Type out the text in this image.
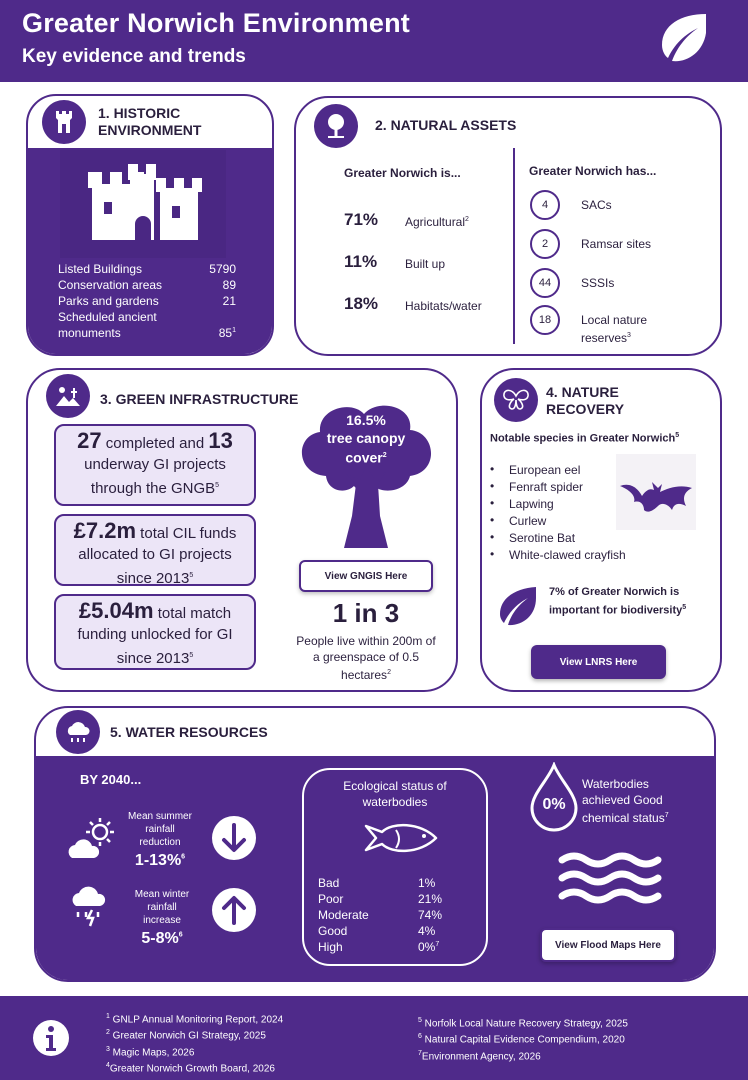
Greater Norwich Environment
Key evidence and trends
1. HISTORIC
ENVIRONMENT
Listed Buildings	5790
Conservation areas	89
Parks and gardens	21
Scheduled ancient
monuments	$85^1$
2. NATURAL ASSETS
Greater Norwich is...	Greater Norwich has...
71% Agricultural$^2$
11% Built up
18% Habitats/water
4	SACs
2	Ramsar sites
44	SSSIs
18	Local nature
reserves$^3$
3. GREEN INFRASTRUCTURE
27 completed and 13
underway GI projects
through the GNGB$^5$
£7.2m total CIL funds
allocated to GI projects
since 2013$^5$
£5.04m total match
funding unlocked for GI
since 2013$^5$
16.5%
tree canopy
cover$^2$
View GNGIS Here
1 in 3
People live within 200m of
a greenspace of 0.5
hectares$^2$
4. NATURE
RECOVERY
Notable species in Greater Norwich$^5$
• European eel
• Fenraft spider
• Lapwing
• Curlew
• Serotine Bat
• White-clawed crayfish
7% of Greater Norwich is
important for biodiversity$^5$
View LNRS Here
5. WATER RESOURCES
BY 2040...
Mean summer
rainfall
reduction
1-13%$^6$
Mean winter
rainfall
increase
5-8%$^6$
Ecological status of
waterbodies
Bad	1%
Poor	21%
Moderate	74%
Good	4%
High	0%$^7$
0%
Waterbodies
achieved Good
chemical status$^7$
View Flood Maps Here
$^1$ GNLP Annual Monitoring Report, 2024
$^2$ Greater Norwich GI Strategy, 2025
$^3$ Magic Maps, 2026
$^4$Greater Norwich Growth Board, 2026
$^5$ Norfolk Local Nature Recovery Strategy, 2025
$^6$ Natural Capital Evidence Compendium, 2020
$^7$Environment Agency, 2026
